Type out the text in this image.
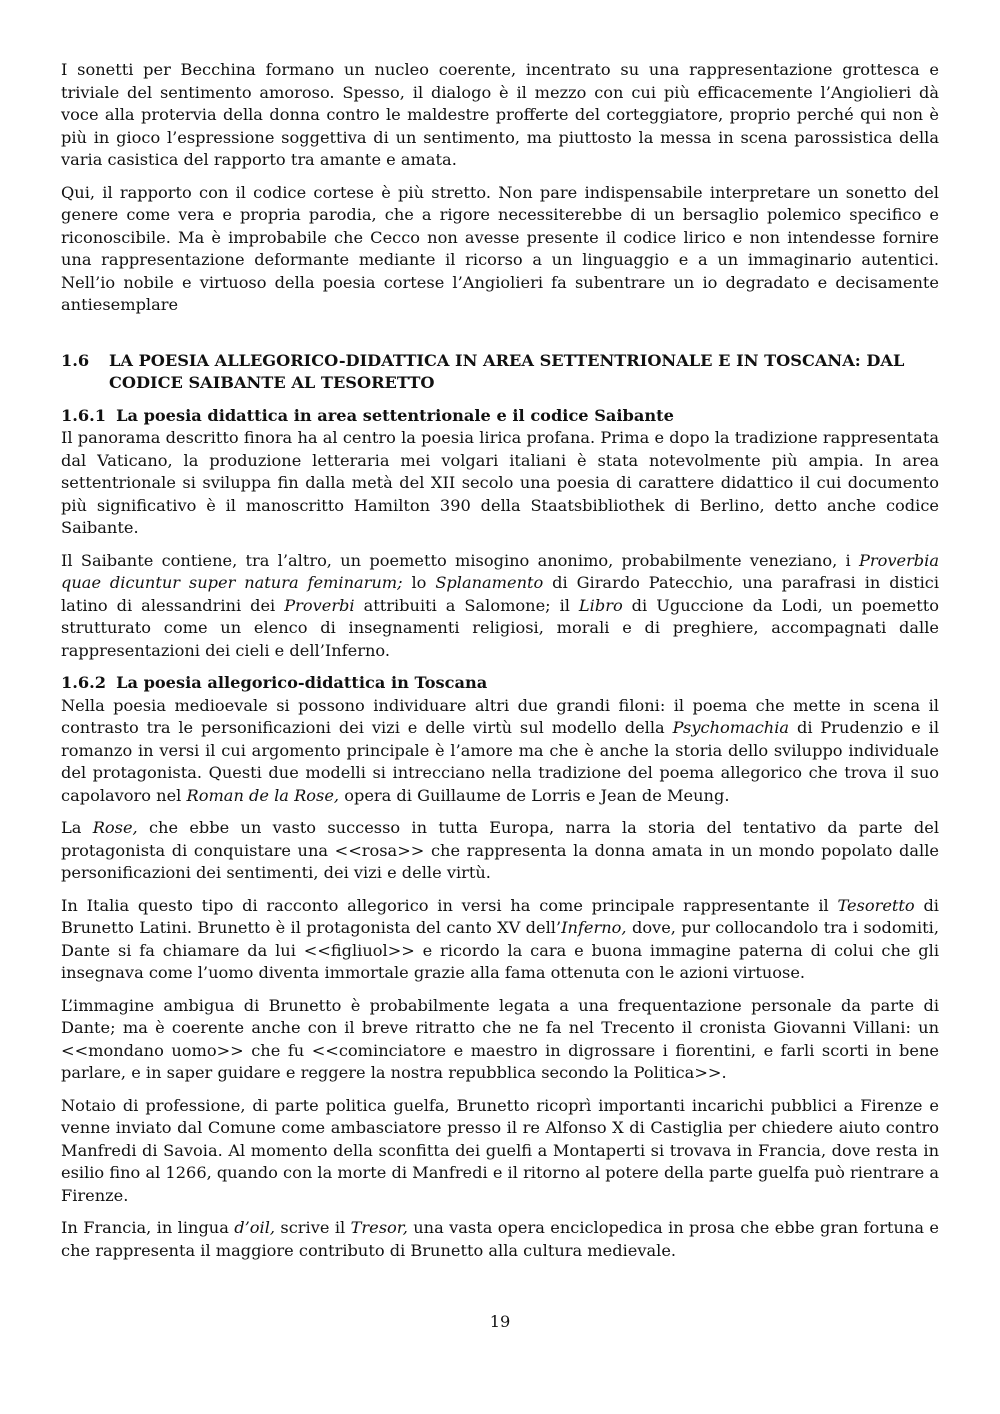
I sonetti per Becchina formano un nucleo coerente, incentrato su una rappresentazione grottesca e triviale del sentimento amoroso. Spesso, il dialogo è il mezzo con cui più efficacemente l’Angiolieri dà voce alla protervia della donna contro le maldestre profferte del corteggiatore, proprio perché qui non è più in gioco l’espressione soggettiva di un sentimento, ma piuttosto la messa in scena parossistica della varia casistica del rapporto tra amante e amata.

Qui, il rapporto con il codice cortese è più stretto. Non pare indispensabile interpretare un sonetto del genere come vera e propria parodia, che a rigore necessiterebbe di un bersaglio polemico specifico e riconoscibile. Ma è improbabile che Cecco non avesse presente il codice lirico e non intendesse fornire una rappresentazione deformante mediante il ricorso a un linguaggio e a un immaginario autentici. Nell’io nobile e virtuoso della poesia cortese l’Angiolieri fa subentrare un io degradato e decisamente antiesemplare

1.6	LA POESIA ALLEGORICO-DIDATTICA IN AREA SETTENTRIONALE E IN TOSCANA: DAL CODICE SAIBANTE AL TESORETTO
1.6.1 La poesia didattica in area settentrionale e il codice Saibante

Il panorama descritto finora ha al centro la poesia lirica profana. Prima e dopo la tradizione rappresentata dal Vaticano, la produzione letteraria mei volgari italiani è stata notevolmente più ampia. In area settentrionale si sviluppa fin dalla metà del XII secolo una poesia di carattere didattico il cui documento più significativo è il manoscritto Hamilton 390 della Staatsbibliothek di Berlino, detto anche codice Saibante.

Il Saibante contiene, tra l’altro, un poemetto misogino anonimo, probabilmente veneziano, i Proverbia quae dicuntur super natura feminarum; lo Splanamento di Girardo Patecchio, una parafrasi in distici latino di alessandrini dei Proverbi attribuiti a Salomone; il Libro di Uguccione da Lodi, un poemetto strutturato come un elenco di insegnamenti religiosi, morali e di preghiere, accompagnati dalle rappresentazioni dei cieli e dell’Inferno.

1.6.2 La poesia allegorico-didattica in Toscana

Nella poesia medioevale si possono individuare altri due grandi filoni: il poema che mette in scena il contrasto tra le personificazioni dei vizi e delle virtù sul modello della Psychomachia di Prudenzio e il romanzo in versi il cui argomento principale è l’amore ma che è anche la storia dello sviluppo individuale del protagonista. Questi due modelli si intrecciano nella tradizione del poema allegorico che trova il suo capolavoro nel Roman de la Rose, opera di Guillaume de Lorris e Jean de Meung.

La Rose, che ebbe un vasto successo in tutta Europa, narra la storia del tentativo da parte del protagonista di conquistare una <<rosa>> che rappresenta la donna amata in un mondo popolato dalle personificazioni dei sentimenti, dei vizi e delle virtù.

In Italia questo tipo di racconto allegorico in versi ha come principale rappresentante il Tesoretto di Brunetto Latini. Brunetto è il protagonista del canto XV dell’Inferno, dove, pur collocandolo tra i sodomiti, Dante si fa chiamare da lui <<figliuol>> e ricordo la cara e buona immagine paterna di colui che gli insegnava come l’uomo diventa immortale grazie alla fama ottenuta con le azioni virtuose.

L’immagine ambigua di Brunetto è probabilmente legata a una frequentazione personale da parte di Dante; ma è coerente anche con il breve ritratto che ne fa nel Trecento il cronista Giovanni Villani: un <<mondano uomo>> che fu <<cominciatore e maestro in digrossare i fiorentini, e farli scorti in bene parlare, e in saper guidare e reggere la nostra repubblica secondo la Politica>>.

Notaio di professione, di parte politica guelfa, Brunetto ricoprì importanti incarichi pubblici a Firenze e venne inviato dal Comune come ambasciatore presso il re Alfonso X di Castiglia per chiedere aiuto contro Manfredi di Savoia. Al momento della sconfitta dei guelfi a Montaperti si trovava in Francia, dove resta in esilio fino al 1266, quando con la morte di Manfredi e il ritorno al potere della parte guelfa può rientrare a Firenze.

In Francia, in lingua d’oil, scrive il Tresor, una vasta opera enciclopedica in prosa che ebbe gran fortuna e che rappresenta il maggiore contributo di Brunetto alla cultura medievale.

19
